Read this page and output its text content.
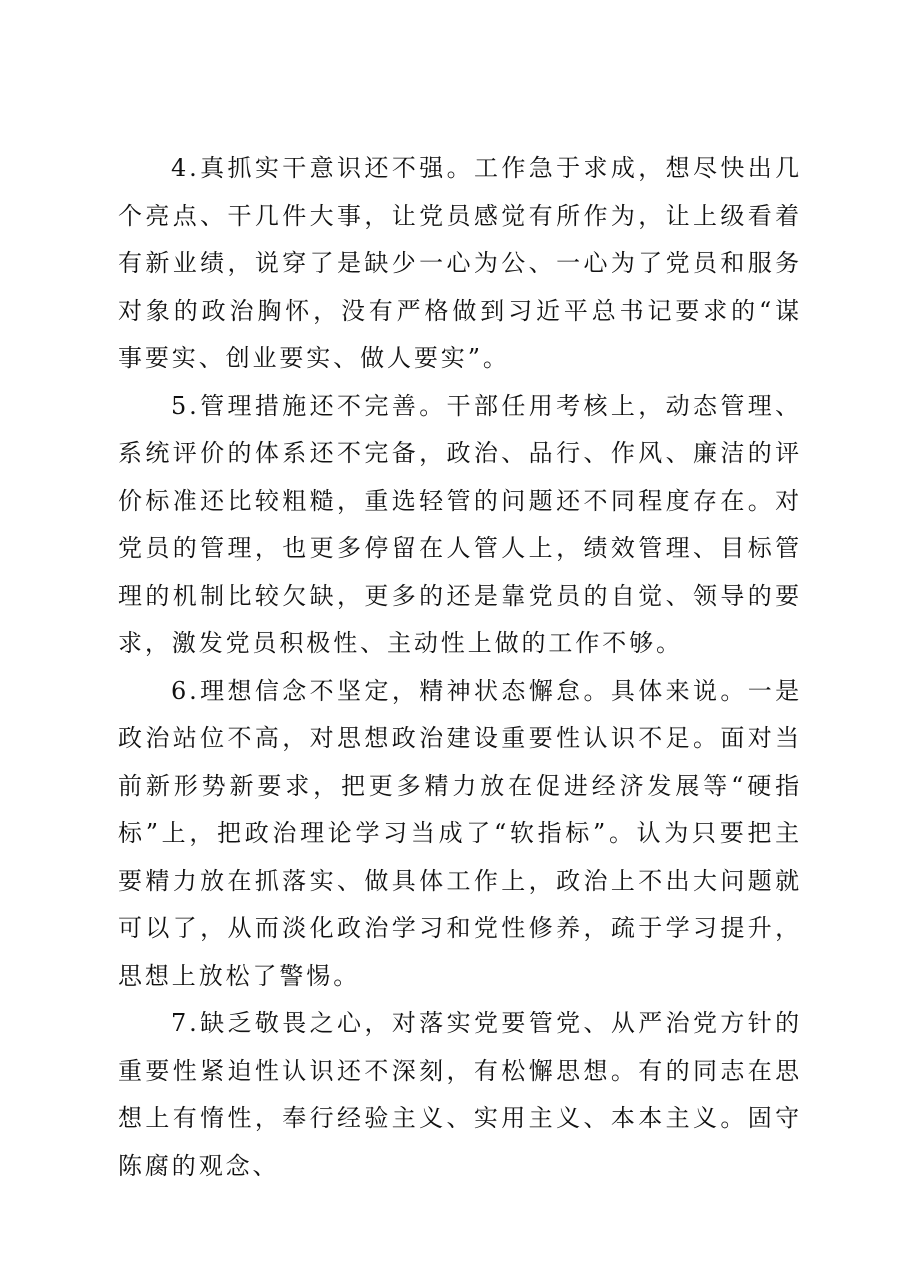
4.真抓实干意识还不强。工作急于求成，想尽快出几个亮点、干几件大事，让党员感觉有所作为，让上级看着有新业绩，说穿了是缺少一心为公、一心为了党员和服务对象的政治胸怀，没有严格做到习近平总书记要求的“谋事要实、创业要实、做人要实”。

5.管理措施还不完善。干部任用考核上，动态管理、系统评价的体系还不完备，政治、品行、作风、廉洁的评价标准还比较粗糙，重选轻管的问题还不同程度存在。对党员的管理，也更多停留在人管人上，绩效管理、目标管理的机制比较欠缺，更多的还是靠党员的自觉、领导的要求，激发党员积极性、主动性上做的工作不够。

6.理想信念不坚定，精神状态懈怠。具体来说。一是政治站位不高，对思想政治建设重要性认识不足。面对当前新形势新要求，把更多精力放在促进经济发展等“硬指标”上，把政治理论学习当成了“软指标”。认为只要把主要精力放在抓落实、做具体工作上，政治上不出大问题就可以了，从而淡化政治学习和党性修养，疏于学习提升，思想上放松了警惕。

7.缺乏敬畏之心，对落实党要管党、从严治党方针的重要性紧迫性认识还不深刻，有松懈思想。有的同志在思想上有惰性，奉行经验主义、实用主义、本本主义。固守陈腐的观念、
